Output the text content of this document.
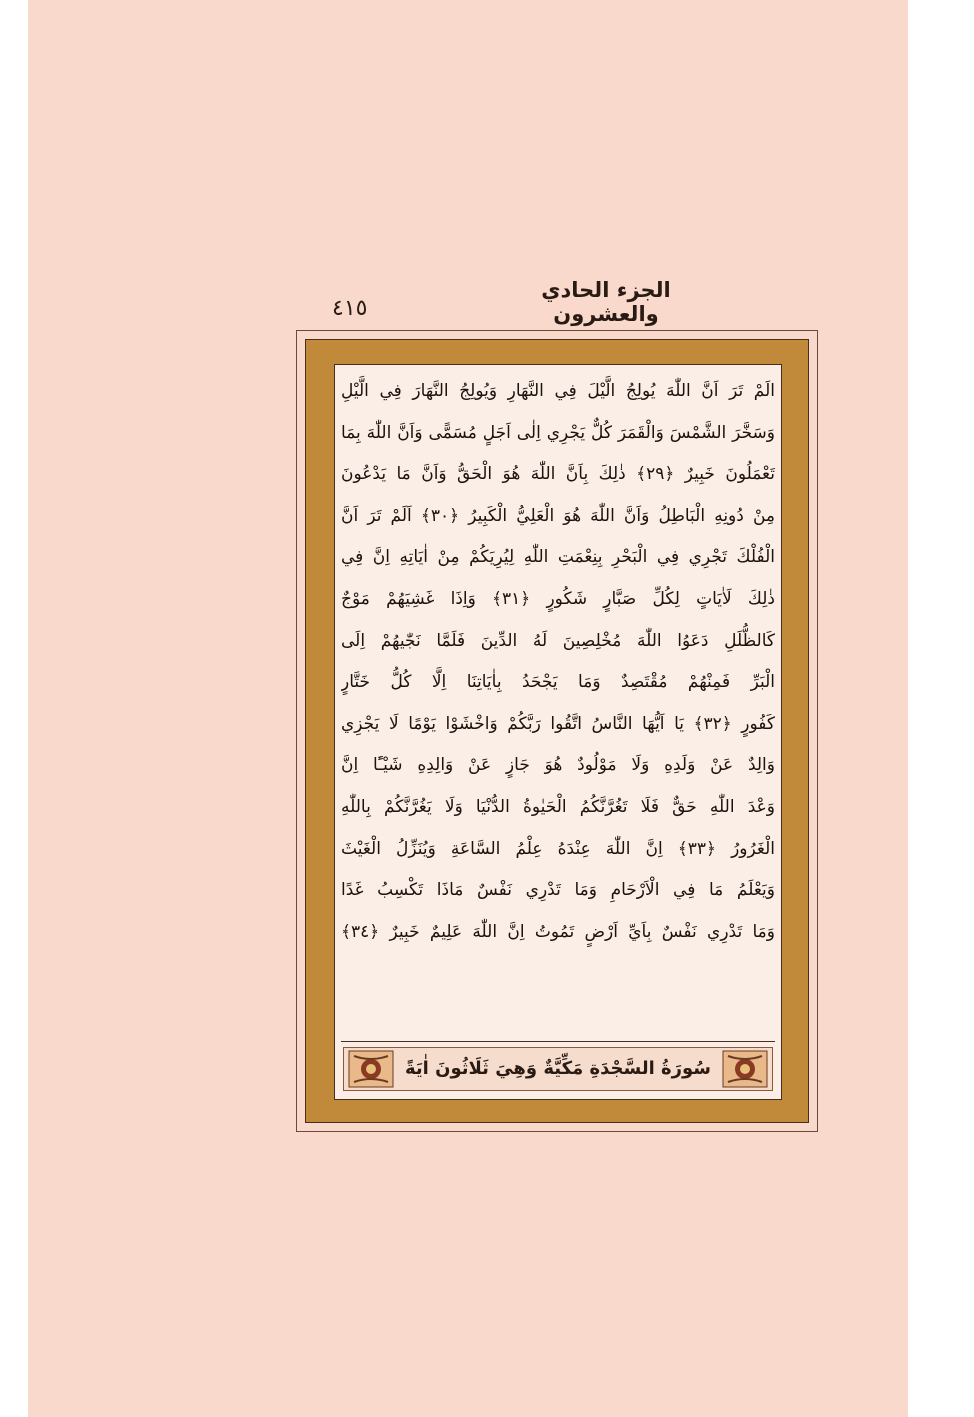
الجزء الحادي والعشرون
٤١٥
الَمْ تَرَ اَنَّ اللّٰهَ يُولِجُ الَّيْلَ فِي النَّهَارِ وَيُولِجُ النَّهَارَ فِي الَّيْلِ
وَسَخَّرَ الشَّمْسَ وَالْقَمَرَ كُلٌّ يَجْرِي اِلٰى اَجَلٍ مُسَمًّى وَاَنَّ اللّٰهَ بِمَا
تَعْمَلُونَ خَبِيرٌ ﴿٢٩﴾ ذٰلِكَ بِاَنَّ اللّٰهَ هُوَ الْحَقُّ وَاَنَّ مَا يَدْعُونَ
مِنْ دُونِهِ الْبَاطِلُ وَاَنَّ اللّٰهَ هُوَ الْعَلِيُّ الْكَبِيرُ ﴿٣٠﴾ اَلَمْ تَرَ اَنَّ
الْفُلْكَ تَجْرِي فِي الْبَحْرِ بِنِعْمَتِ اللّٰهِ لِيُرِيَكُمْ مِنْ اٰيَاتِهِ اِنَّ فِي
ذٰلِكَ لَاٰيَاتٍ لِكُلِّ صَبَّارٍ شَكُورٍ ﴿٣١﴾ وَاِذَا غَشِيَهُمْ مَوْجٌ
كَالظُّلَلِ دَعَوُا اللّٰهَ مُخْلِصِينَ لَهُ الدِّينَ فَلَمَّا نَجّٰيهُمْ اِلَى
الْبَرِّ فَمِنْهُمْ مُقْتَصِدٌ وَمَا يَجْحَدُ بِاٰيَاتِنَا اِلَّا كُلُّ خَتَّارٍ
كَفُورٍ ﴿٣٢﴾ يَا اَيُّهَا النَّاسُ اتَّقُوا رَبَّكُمْ وَاخْشَوْا يَوْمًا لَا يَجْزِي
وَالِدٌ عَنْ وَلَدِهِ وَلَا مَوْلُودٌ هُوَ جَازٍ عَنْ وَالِدِهِ شَيْـًٔا اِنَّ
وَعْدَ اللّٰهِ حَقٌّ فَلَا تَغُرَّنَّكُمُ الْحَيٰوةُ الدُّنْيَا وَلَا يَغُرَّنَّكُمْ بِاللّٰهِ
الْغَرُورُ ﴿٣٣﴾ اِنَّ اللّٰهَ عِنْدَهُ عِلْمُ السَّاعَةِ وَيُنَزِّلُ الْغَيْثَ
وَيَعْلَمُ مَا فِي الْاَرْحَامِ وَمَا تَدْرِي نَفْسٌ مَاذَا تَكْسِبُ غَدًا
وَمَا تَدْرِي نَفْسٌ بِاَيِّ اَرْضٍ تَمُوتُ اِنَّ اللّٰهَ عَلِيمٌ خَبِيرٌ ﴿٣٤﴾
سُورَةُ السَّجْدَةِ مَكِّيَّةٌ وَهِيَ ثَلَاثُونَ اٰيَةً
